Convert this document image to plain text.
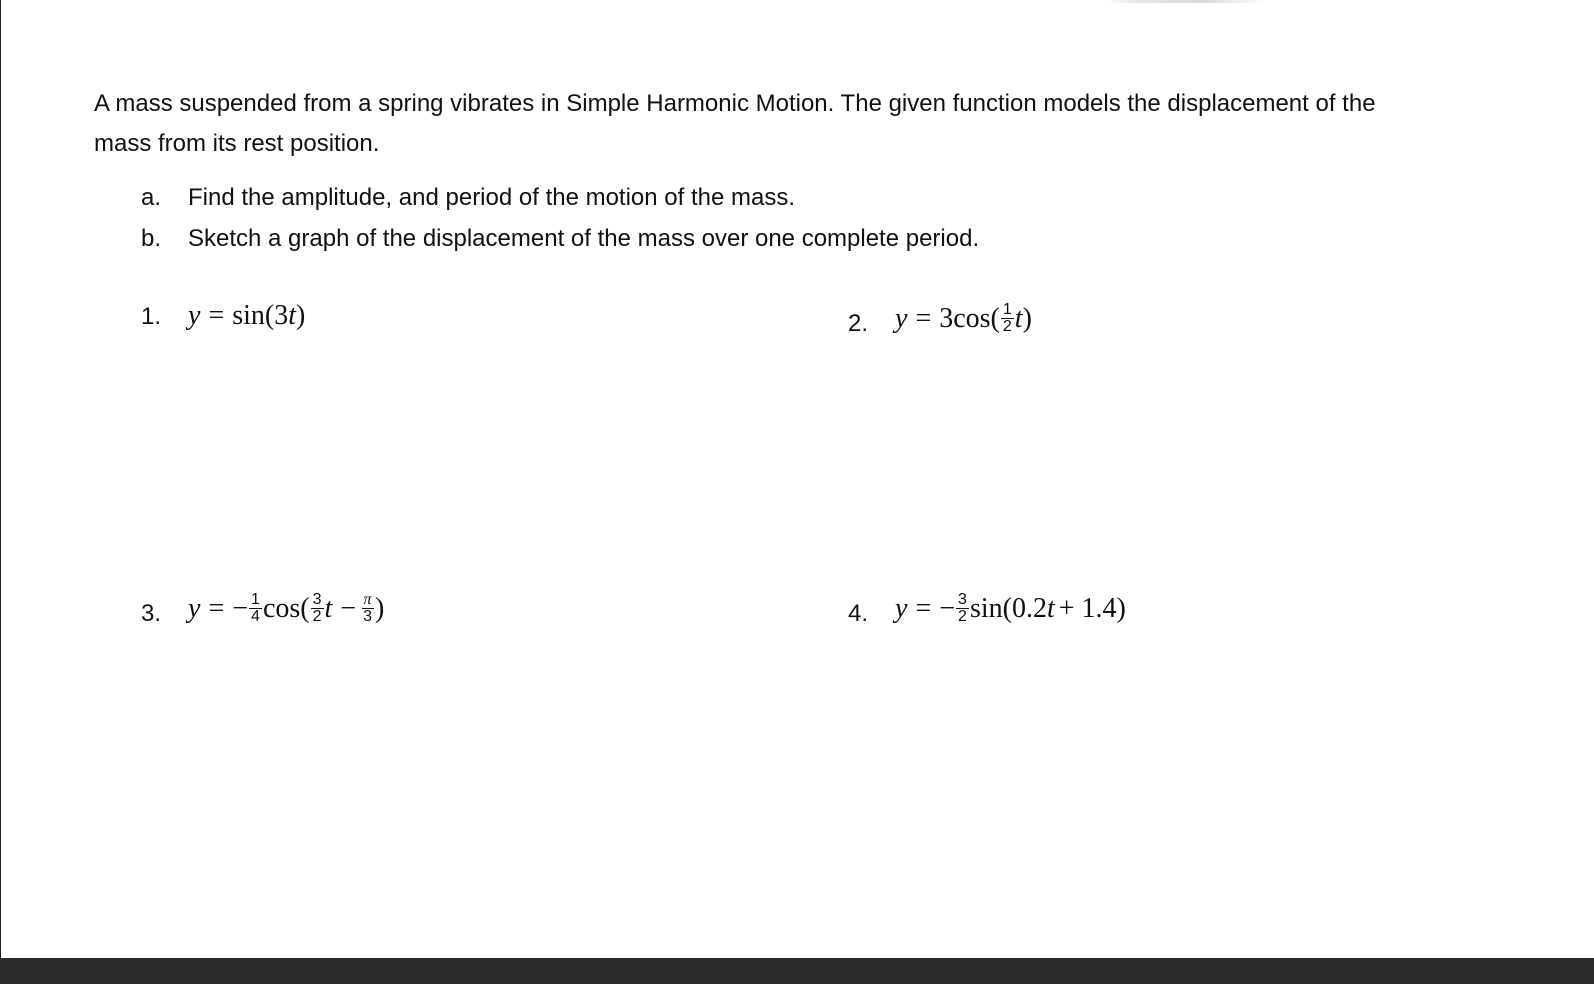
A mass suspended from a spring vibrates in Simple Harmonic Motion. The given function models the displacement of the
mass from its rest position.
a. Find the amplitude, and period of the motion of the mass.
b. Sketch a graph of the displacement of the mass over one complete period.
1. y = sin(3 t )	2. $y = 3\cos( \frac{1}{2}$ t )
3. y = − $\frac{1}{4} \cos( \frac{3}{2}$ $t - \frac{\pi}{3}$ )	4. y = − $\frac{3}{2} \sin(0.2$ t + 1.4)
